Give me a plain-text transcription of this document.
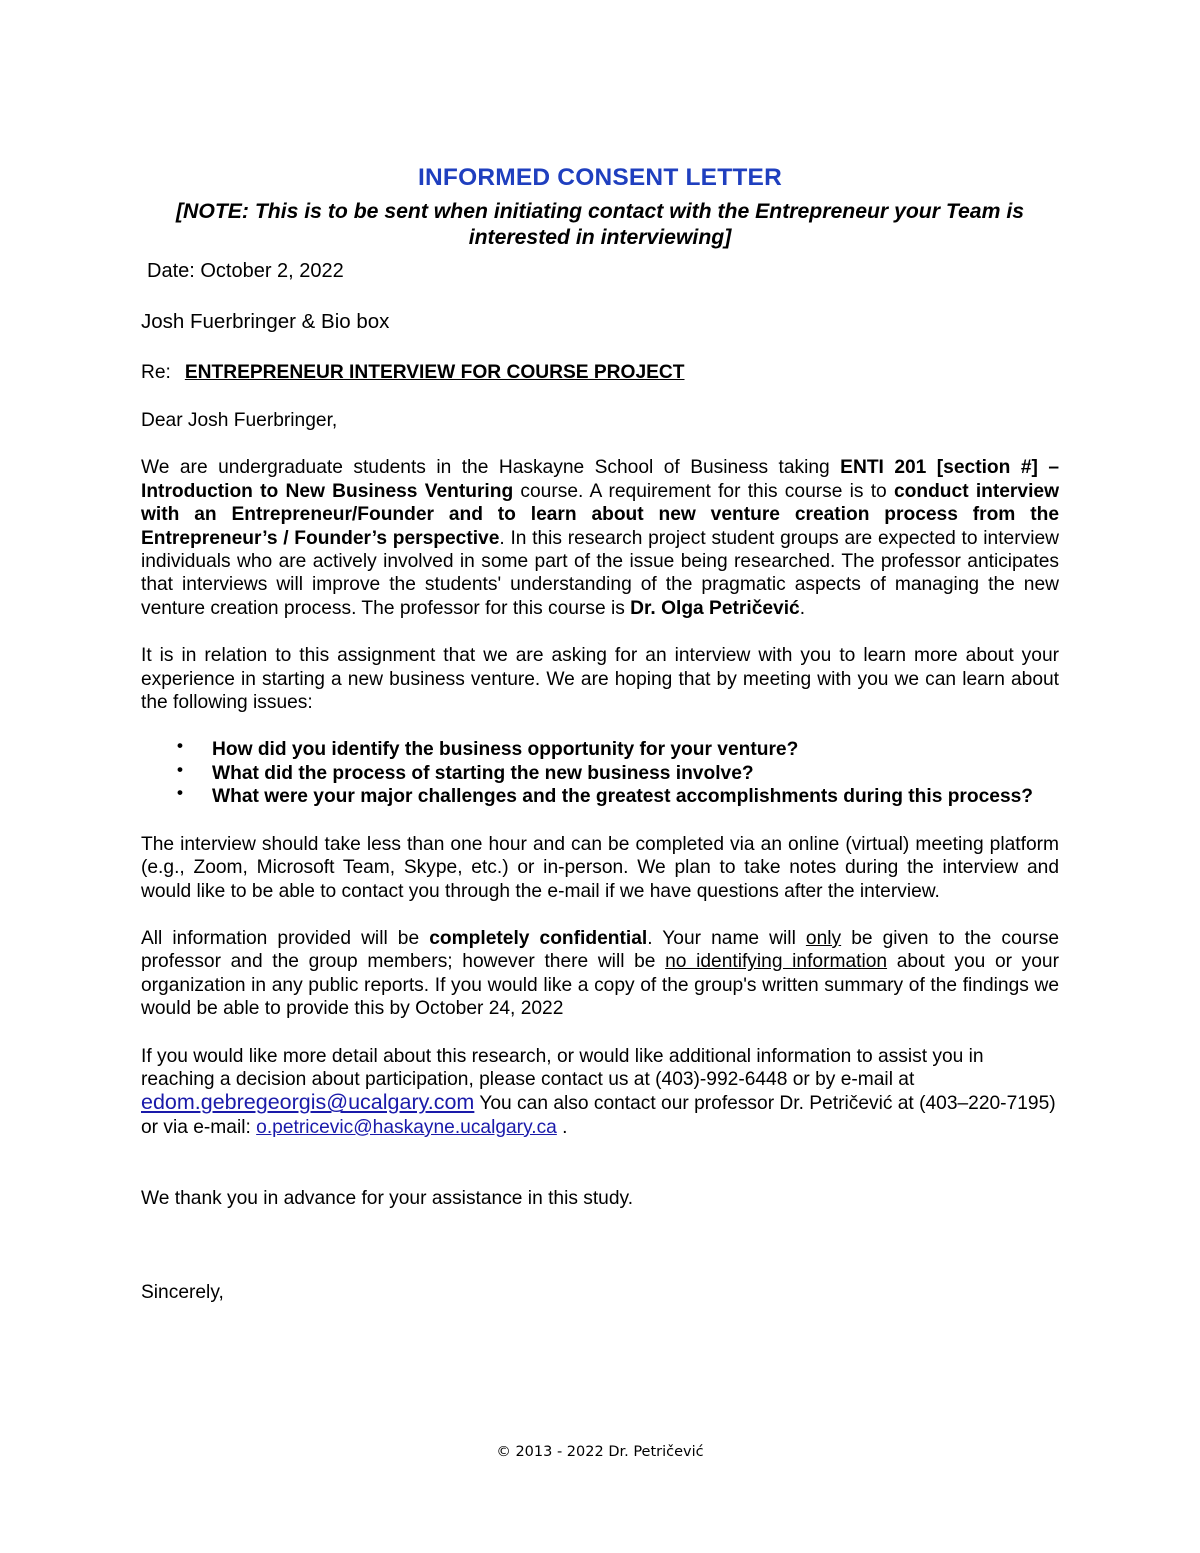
INFORMED CONSENT LETTER

[NOTE: This is to be sent when initiating contact with the Entrepreneur your Team is interested in interviewing]

Date: October 2, 2022
Josh Fuerbringer & Bio box
Re: ENTREPRENEUR INTERVIEW FOR COURSE PROJECT
Dear Josh Fuerbringer,

We are undergraduate students in the Haskayne School of Business taking ENTI 201 [section #] – Introduction to New Business Venturing course. A requirement for this course is to conduct interview with an Entrepreneur/Founder and to learn about new venture creation process from the Entrepreneur’s / Founder’s perspective. In this research project student groups are expected to interview individuals who are actively involved in some part of the issue being researched. The professor anticipates that interviews will improve the students' understanding of the pragmatic aspects of managing the new venture creation process. The professor for this course is Dr. Olga Petričević.

It is in relation to this assignment that we are asking for an interview with you to learn more about your experience in starting a new business venture. We are hoping that by meeting with you we can learn about the following issues:

• How did you identify the business opportunity for your venture?
• What did the process of starting the new business involve?
• What were your major challenges and the greatest accomplishments during this process?

The interview should take less than one hour and can be completed via an online (virtual) meeting platform (e.g., Zoom, Microsoft Team, Skype, etc.) or in-person. We plan to take notes during the interview and would like to be able to contact you through the e-mail if we have questions after the interview.

All information provided will be completely confidential. Your name will only be given to the course professor and the group members; however there will be no identifying information about you or your organization in any public reports. If you would like a copy of the group's written summary of the findings we would be able to provide this by October 24, 2022

If you would like more detail about this research, or would like additional information to assist you in reaching a decision about participation, please contact us at (403)-992-6448 or by e-mail at edom.gebregeorgis@ucalgary.com You can also contact our professor Dr. Petričević at (403–220-7195) or via e-mail: o.petricevic@haskayne.ucalgary.ca .

We thank you in advance for your assistance in this study.
Sincerely,
© 2013 - 2022 Dr. Petričević
